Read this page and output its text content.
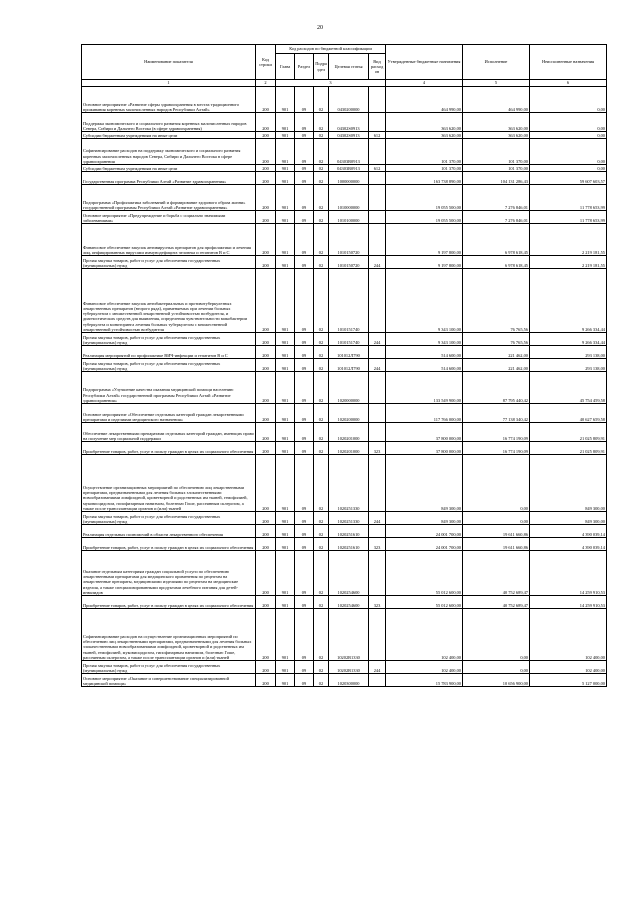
20
Наименование показателя	Код строки	Код расходов по бюджетной классификации					Утвержденные бюджетные назначения	Исполнение	Неисполненные назначения
		Глава	Раздел	Подраздел	Целевая статья	Вид расходов			
1	2	3					4	5	6
Основное мероприятие «Развитие сферы здравоохранения в местах традиционного проживания коренных малочисленных народов Республики Алтай»	200	901	09	02	0430200000		464 990,00	464 990,00	0,00
Поддержка экономического и социального развития коренных малочисленных народов Севера, Сибири и Дальнего Востока (в сфере здравоохранения)	200	901	09	02	04302S0913		363 620,00	363 620,00	0,00
Субсидии бюджетным учреждениям на иные цели	200	901	09	02	04302S0913	612	363 620,00	363 620,00	0,00
Софинансирование расходов на поддержку экономического и социального развития коренных малочисленных народов Севера, Сибири и Дальнего Востока в сфере здравоохранения	200	901	09	02	04303R0913		101 370,00	101 370,00	0,00
Субсидии бюджетным учреждениям на иные цели	200	901	09	02	04303R0913	612	101 370,00	101 370,00	0,00
Государственная программа Республики Алтай «Развитие здравоохранения»	200	901	09	02	1000000000		163 738 890,00	104 131 286,43	59 607 603,57
Подпрограмма «Профилактика заболеваний и формирование здорового образа жизни» государственной программы Республики Алтай «Развитие здравоохранения»	200	901	09	02	1010000000		19 055 500,00	7 276 846,01	11 778 653,99
Основное мероприятие «Предупреждение и борьба с социально значимыми заболеваниями»	200	901	09	02	1010100000		19 055 500,00	7 276 846,01	11 778 653,99
Финансовое обеспечение закупок антивирусных препаратов для профилактики и лечения лиц, инфицированных вирусами иммунодефицита человека и гепатитов В и С	200	901	09	02	1010150720		9 197 800,00	6 978 618,45	2 219 181,55
Прочая закупка товаров, работ и услуг для обеспечения государственных (муниципальных) нужд	200	901	09	02	1010150720	244	9 197 800,00	6 978 618,45	2 219 181,55
Финансовое обеспечение закупок антибактериальных и противотуберкулезных лекарственных препаратов (второго ряда), применяемых при лечении больных туберкулезом с множественной лекарственной устойчивостью возбудителя, и диагностических средств для выявления, определения чувствительности микобактерии туберкулеза и мониторинга лечения больных туберкулезом с множественной лекарственной устойчивостью возбудителя	200	901	09	02	1010151740		9 343 100,00	76 765,56	9 266 334,44
Прочая закупка товаров, работ и услуг для обеспечения государственных (муниципальных) нужд	200	901	09	02	1010151740	244	9 343 100,00	76 765,56	9 266 334,44
Реализация мероприятий по профилактике ВИЧ-инфекции и гепатитов В и С	200	901	09	02	101012Л790		514 600,00	221 462,00	293 138,00
Прочая закупка товаров, работ и услуг для обеспечения государственных (муниципальных) нужд	200	901	09	02	101012Л790	244	514 600,00	221 462,00	293 138,00
Подпрограмма «Улучшение качества оказания медицинской помощи населению Республики Алтай» государственной программы Республики Алтай «Развитие здравоохранения»	200	901	09	02	1020000000		133 549 900,00	87 795 440,42	45 754 459,58
Основное мероприятие «Обеспечение отдельных категорий граждан лекарственными препаратами и изделиями медицинского назначения»	200	901	09	02	1020200000		117 766 000,00	77 138 340,42	40 627 659,58
Обеспечение лекарственными препаратами отдельных категорий граждан, имеющих право на получение мер социальной поддержки	200	901	09	02	1020201000		37 800 000,00	16 774 190,09	21 025 809,91
Приобретение товаров, работ, услуг в пользу граждан в целях их социального обеспечения	200	901	09	02	1020201000	323	37 800 000,00	16 774 190,09	21 025 809,91
Осуществление организационных мероприятий по обеспечению лиц лекарственными препаратами, предназначенными для лечения больных злокачественными новообразованиями лимфоидной, кроветворной и родственных им тканей, гемофилией, муковисцидозом, гипофизарным нанизмом, болезнью Гоше, рассеянным склерозом, а также после трансплантации органов и (или) тканей	200	901	09	02	1020251330		849 300,00	0,00	849 300,00
Прочая закупка товаров, работ и услуг для обеспечения государственных (муниципальных) нужд	200	901	09	02	1020251330	244	849 300,00	0,00	849 300,00
Реализация отдельных полномочий в области лекарственного обеспечения	200	901	09	02	1020251610		24 001 700,00	19 611 660,86	4 390 039,14
Приобретение товаров, работ, услуг в пользу граждан в целях их социального обеспечения	200	901	09	02	1020251610	323	24 001 700,00	19 611 660,86	4 390 039,14
Оказание отдельным категориям граждан социальной услуги по обеспечению лекарственными препаратами для медицинского применения по рецептам на лекарственные препараты, медицинскими изделиями по рецептам на медицинские изделия, а также специализированными продуктами лечебного питания для детей-инвалидов	200	901	09	02	1020254600		55 012 600,00	40 752 689,47	14 259 910,53
Приобретение товаров, работ, услуг в пользу граждан в целях их социального обеспечения	200	901	09	02	1020254600	323	55 012 600,00	40 752 689,47	14 259 910,53
Софинансирование расходов на осуществление организационных мероприятий по обеспечению лиц лекарственными препаратами, предназначенными для лечения больных злокачественными новообразованиями лимфоидной, кроветворной и родственных им тканей, гемофилией, муковисцидозом, гипофизарным нанизмом, болезнью Гоше, рассеянным склерозом, а также после трансплантации органов и (или) тканей	200	901	09	02	10202R1330		102 400,00	0,00	102 400,00
Прочая закупка товаров, работ и услуг для обеспечения государственных (муниципальных) нужд	200	901	09	02	10202R1330	244	102 400,00	0,00	102 400,00
Основное мероприятие «Оказание и совершенствование специализированной медицинской помощи»	200	901	09	02	1020300000		15 783 900,00	10 656 900,00	5 127 000,00
